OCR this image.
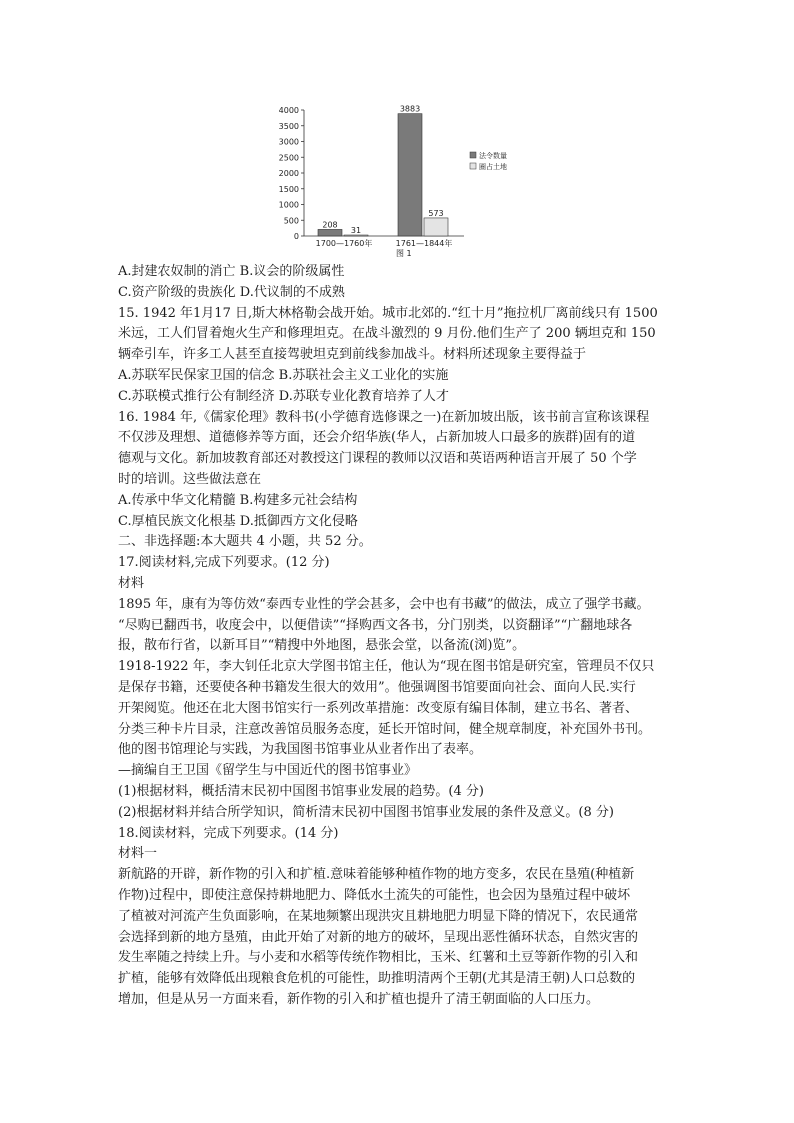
0
500
1000
1500
2000
2500
3000
3500
4000
208
31
1700—1760年
3883
573
1761—1844年
法令数量
圈占土地
图 1

A.封建农奴制的消亡 B.议会的阶级属性

C.资产阶级的贵族化 D.代议制的不成熟

15. 1942 年1月17 日,斯大林格勒会战开始。城市北郊的.“红十月”拖拉机厂离前线只有 1500

米远，工人们冒着炮火生产和修理坦克。在战斗激烈的 9 月份.他们生产了 200 辆坦克和 150

辆牵引车，许多工人甚至直接驾驶坦克到前线参加战斗。材料所述现象主要得益于

A.苏联军民保家卫国的信念 B.苏联社会主义工业化的实施

C.苏联模式推行公有制经济 D.苏联专业化教育培养了人才

16. 1984 年,《儒家伦理》教科书(小学德育选修课之一)在新加坡出版，该书前言宣称该课程

不仅涉及理想、道德修养等方面，还会介绍华族(华人，占新加坡人口最多的族群)固有的道

德观与文化。新加坡教育部还对教授这门课程的教师以汉语和英语两种语言开展了 50 个学

时的培训。这些做法意在

A.传承中华文化精髓 B.构建多元社会结构

C.厚植民族文化根基 D.抵御西方文化侵略

二、非选择题:本大题共 4 小题，共 52 分。

17.阅读材料,完成下列要求。(12 分)

材料

1895 年，康有为等仿效“泰西专业性的学会甚多，会中也有书藏”的做法，成立了强学书藏。

“尽购已翻西书，收度会中，以便借读”“择购西文各书，分门别类，以资翻译”“广翻地球各

报，散布行省，以新耳目”“精搜中外地图，悬张会堂，以备流(浏)览”。

1918-1922 年，李大钊任北京大学图书馆主任，他认为“现在图书馆是研究室，管理员不仅只

是保存书籍，还要使各种书籍发生很大的效用”。他强调图书馆要面向社会、面向人民.实行

开架阅览。他还在北大图书馆实行一系列改革措施：改变原有编目体制，建立书名、著者、

分类三种卡片目录，注意改善馆员服务态度，延长开馆时间，健全规章制度，补充国外书刊。

他的图书馆理论与实践，为我国图书馆事业从业者作出了表率。

—摘编自王卫国《留学生与中国近代的图书馆事业》

(1)根据材料，概括清末民初中国图书馆事业发展的趋势。(4 分)

(2)根据材料并结合所学知识，简析清末民初中国图书馆事业发展的条件及意义。(8 分)

18.阅读材料，完成下列要求。(14 分)

材料一

新航路的开辟，新作物的引入和扩植.意味着能够种植作物的地方变多，农民在垦殖(种植新

作物)过程中，即使注意保持耕地肥力、降低水土流失的可能性，也会因为垦殖过程中破坏

了植被对河流产生负面影响，在某地频繁出现洪灾且耕地肥力明显下降的情况下，农民通常

会选择到新的地方垦殖，由此开始了对新的地方的破坏，呈现出恶性循环状态，自然灾害的

发生率随之持续上升。与小麦和水稻等传统作物相比，玉米、红薯和土豆等新作物的引入和

扩植，能够有效降低出现粮食危机的可能性，助推明清两个王朝(尤其是清王朝)人口总数的

增加，但是从另一方面来看，新作物的引入和扩植也提升了清王朝面临的人口压力。
